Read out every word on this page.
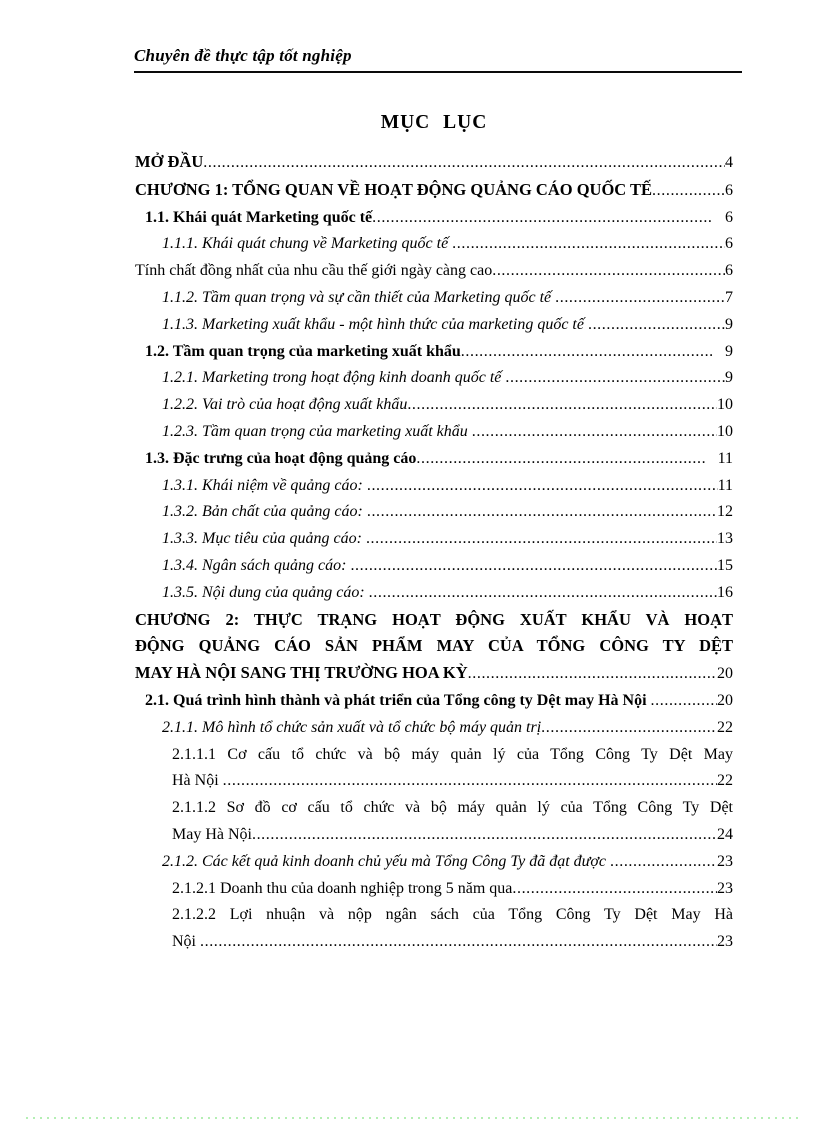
Chuyên đề thực tập tốt nghiệp
MỤC LỤC
MỞ ĐẦU .....	4
CHƯƠNG 1: TỔNG QUAN VỀ HOẠT ĐỘNG QUẢNG CÁO QUỐC TẾ .....	6
1.1. Khái quát Marketing quốc tế .....	6
1.1.1. Khái quát chung về Marketing quốc tế .....	6
Tính chất đồng nhất của nhu cầu thế giới ngày càng cao .....	6
1.1.2. Tầm quan trọng và sự cần thiết của Marketing quốc tế .....	7
1.1.3. Marketing xuất khẩu - một hình thức của marketing quốc tế .....	9
1.2. Tầm quan trọng của marketing xuất khẩu .....	9
1.2.1. Marketing trong hoạt động kinh doanh quốc tế .....	9
1.2.2. Vai trò của hoạt động xuất khẩu .....	10
1.2.3. Tầm quan trọng của marketing xuất khẩu .....	10
1.3. Đặc trưng của hoạt động quảng cáo .....	11
1.3.1. Khái niệm về quảng cáo: .....	11
1.3.2. Bản chất của quảng cáo: .....	12
1.3.3. Mục tiêu của quảng cáo: .....	13
1.3.4. Ngân sách quảng cáo: .....	15
1.3.5. Nội dung của quảng cáo: .....	16
CHƯƠNG 2: THỰC TRẠNG HOẠT ĐỘNG XUẤT KHẨU VÀ HOẠT
ĐỘNG QUẢNG CÁO SẢN PHẨM MAY CỦA TỔNG CÔNG TY DỆT
MAY HÀ NỘI SANG THỊ TRƯỜNG HOA KỲ .....	20
2.1. Quá trình hình thành và phát triển của Tổng công ty Dệt may Hà Nội .....	20
2.1.1. Mô hình tổ chức sản xuất và tổ chức bộ máy quản trị .....	22
2.1.1.1 Cơ cấu tổ chức và bộ máy quản lý của Tổng Công Ty Dệt May
Hà Nội .....	22
2.1.1.2 Sơ đồ cơ cấu tổ chức và bộ máy quản lý của Tổng Công Ty Dệt
May Hà Nội .....	24
2.1.2. Các kết quả kinh doanh chủ yếu mà Tổng Công Ty đã đạt được .....	23
2.1.2.1 Doanh thu của doanh nghiệp trong 5 năm qua .....	23
2.1.2.2 Lợi nhuận và nộp ngân sách của Tổng Công Ty Dệt May Hà
Nội .....	23
